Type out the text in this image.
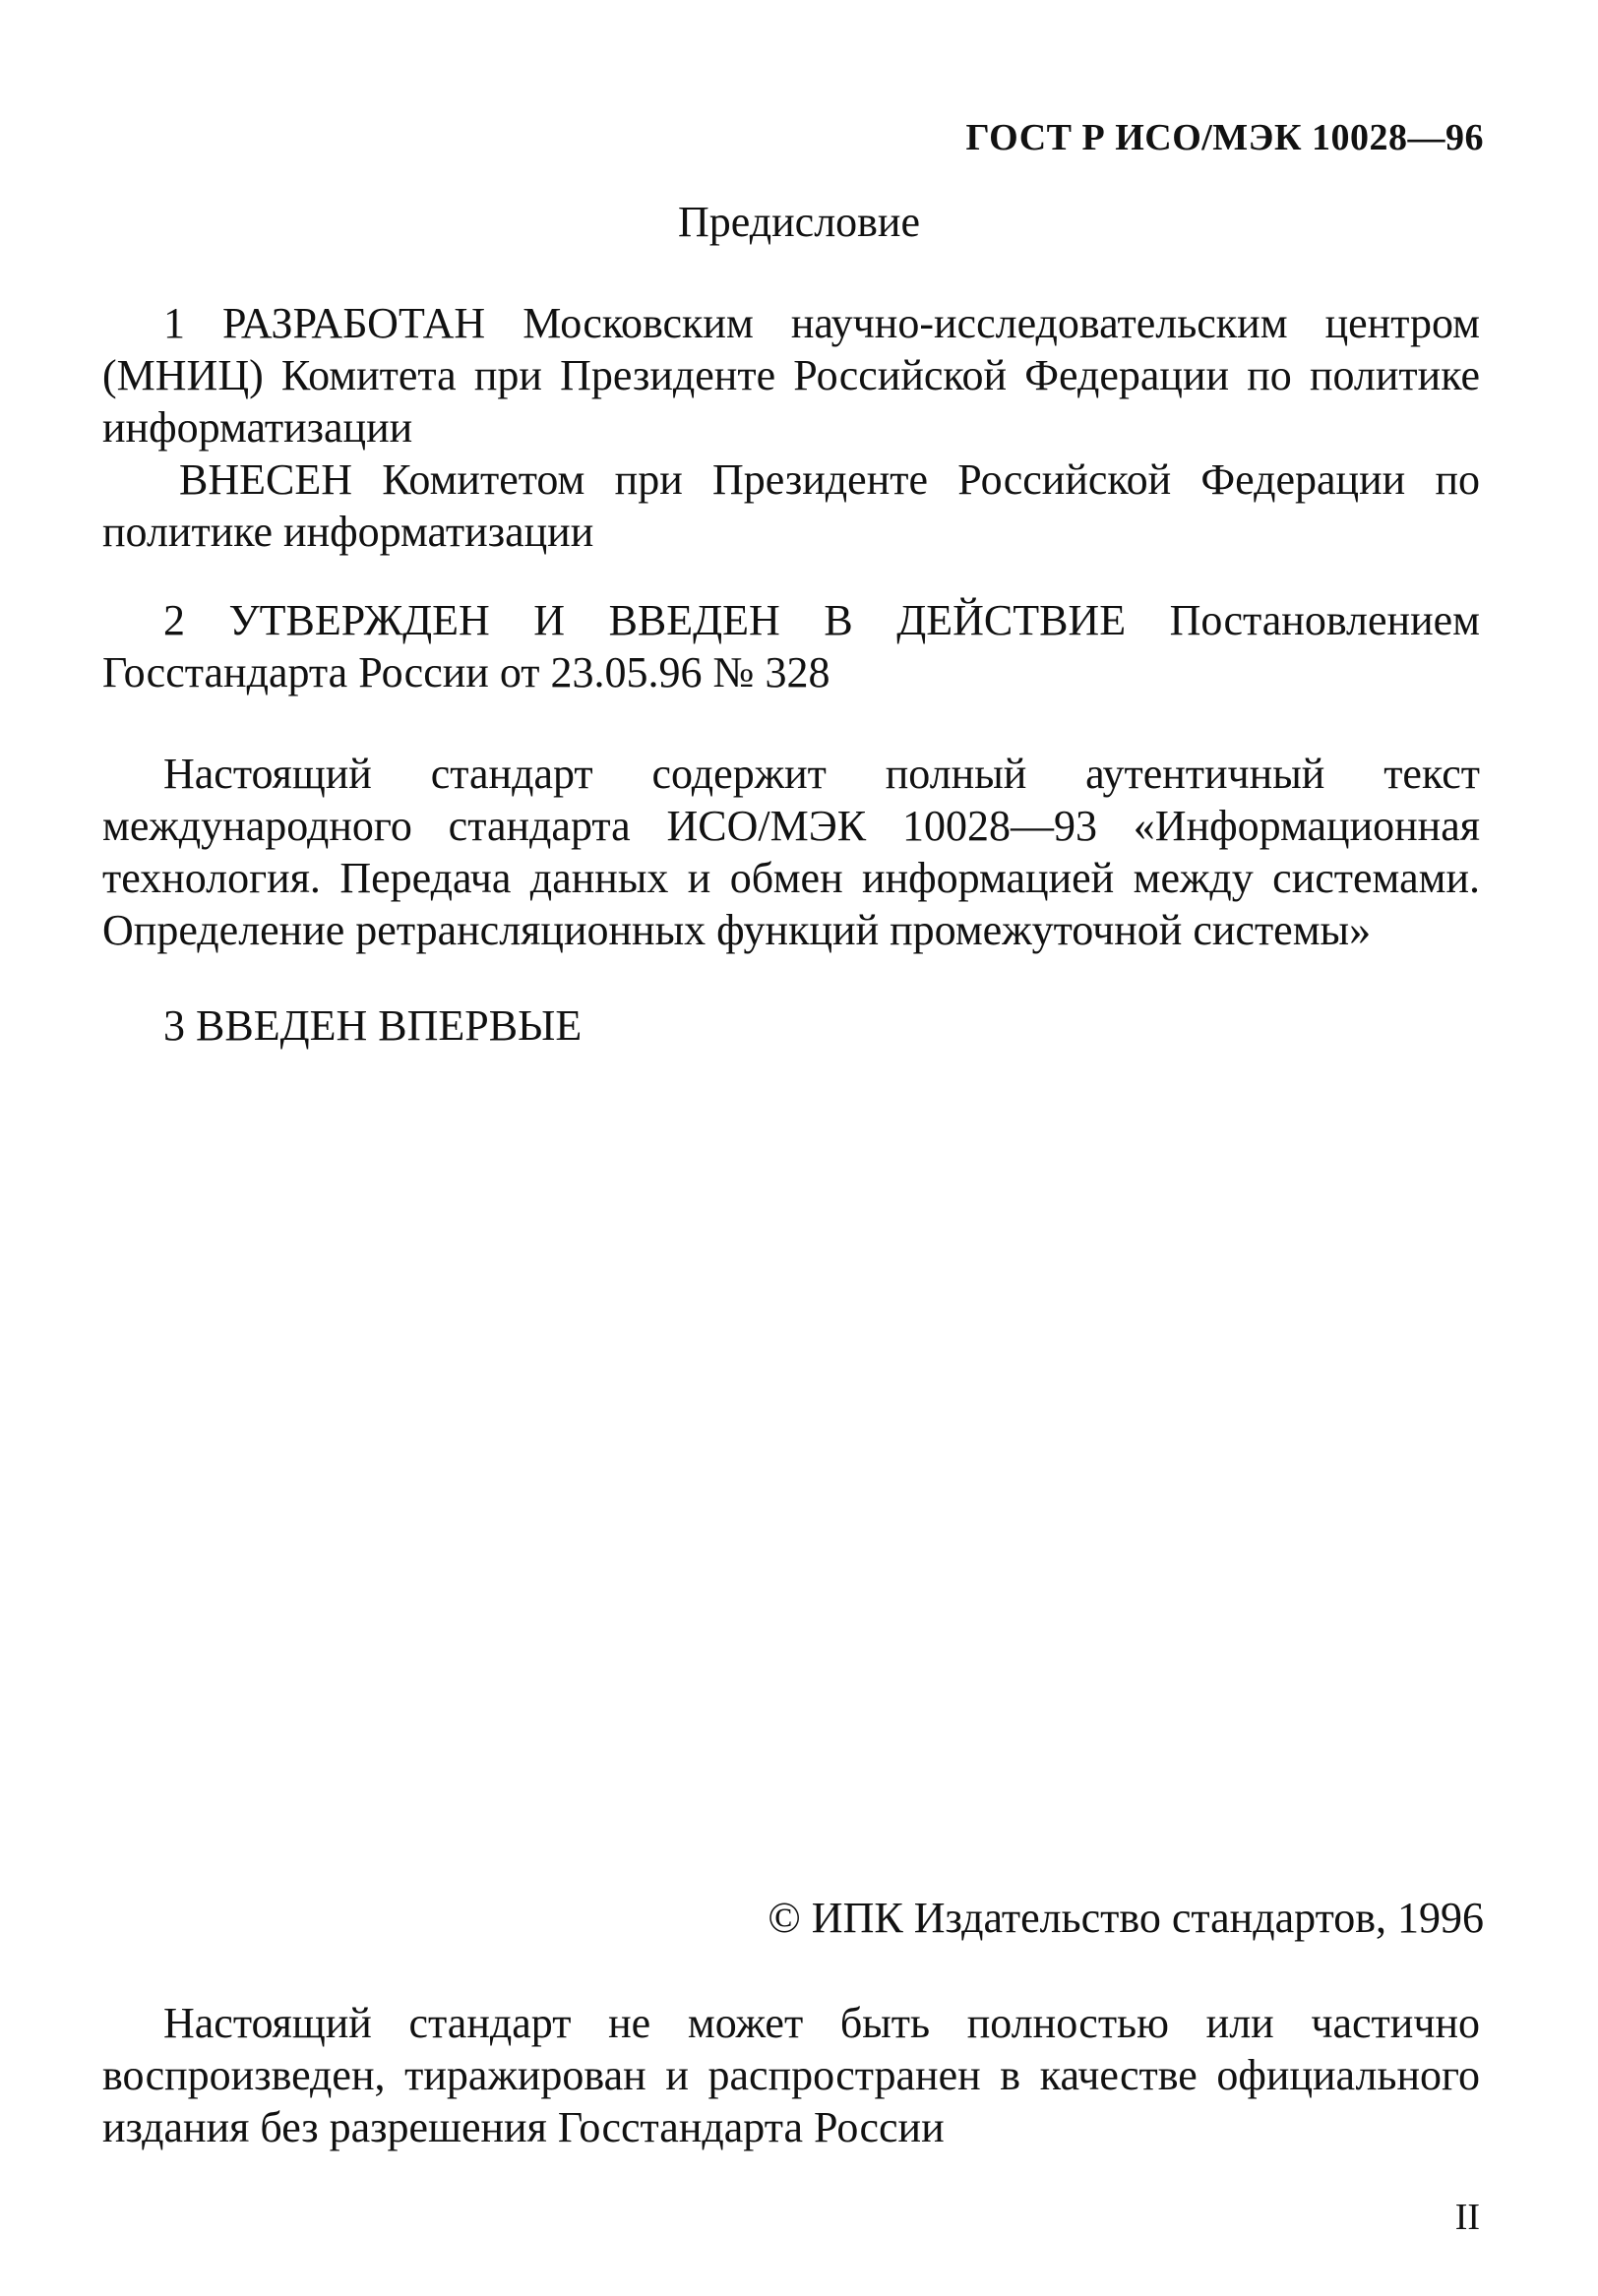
ГОСТ Р ИСО/МЭК 10028—96
Предисловие

1 РАЗРАБОТАН Московским научно-исследовательским центром (МНИЦ) Комитета при Президенте Российской Федерации по политике информатизации

ВНЕСЕН Комитетом при Президенте Российской Федерации по политике информатизации

2 УТВЕРЖДЕН И ВВЕДЕН В ДЕЙСТВИЕ Постановлением Госстандарта России от 23.05.96 № 328

Настоящий стандарт содержит полный аутентичный текст международного стандарта ИСО/МЭК 10028—93 «Информационная технология. Передача данных и обмен информацией между системами. Определение ретрансляционных функций промежуточной системы»

3 ВВЕДЕН ВПЕРВЫЕ

© ИПК Издательство стандартов, 1996

Настоящий стандарт не может быть полностью или частично воспроизведен, тиражирован и распространен в качестве официального издания без разрешения Госстандарта России

II
